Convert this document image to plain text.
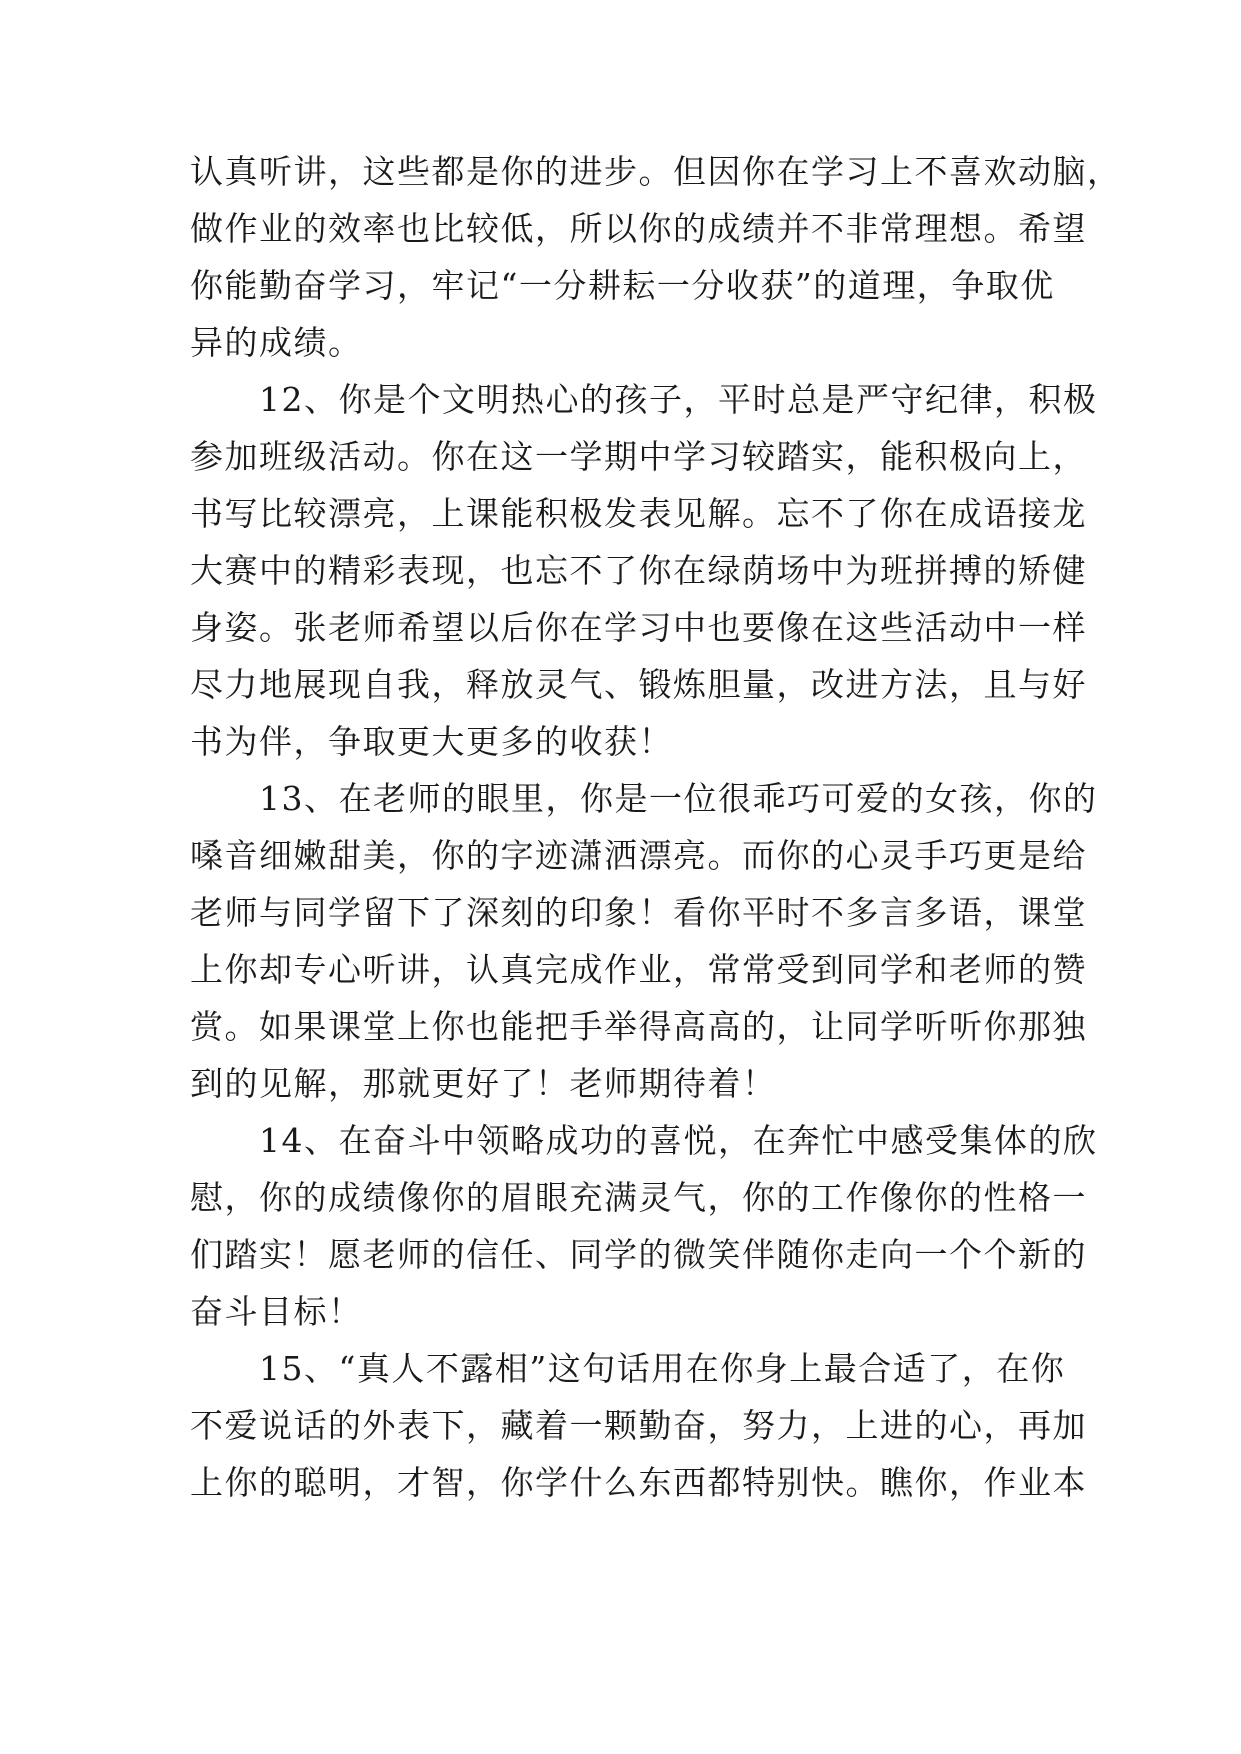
认真听讲，这些都是你的进步。但因你在学习上不喜欢动脑，
做作业的效率也比较低，所以你的成绩并不非常理想。希望
你能勤奋学习，牢记“一分耕耘一分收获”的道理，争取优
异的成绩。
　　12、你是个文明热心的孩子，平时总是严守纪律，积极
参加班级活动。你在这一学期中学习较踏实，能积极向上，
书写比较漂亮，上课能积极发表见解。忘不了你在成语接龙
大赛中的精彩表现，也忘不了你在绿荫场中为班拼搏的矫健
身姿。张老师希望以后你在学习中也要像在这些活动中一样
尽力地展现自我，释放灵气、锻炼胆量，改进方法，且与好
书为伴，争取更大更多的收获！
　　13、在老师的眼里，你是一位很乖巧可爱的女孩，你的
嗓音细嫩甜美，你的字迹潇洒漂亮。而你的心灵手巧更是给
老师与同学留下了深刻的印象！看你平时不多言多语，课堂
上你却专心听讲，认真完成作业，常常受到同学和老师的赞
赏。如果课堂上你也能把手举得高高的，让同学听听你那独
到的见解，那就更好了！老师期待着！
　　14、在奋斗中领略成功的喜悦，在奔忙中感受集体的欣
慰，你的成绩像你的眉眼充满灵气，你的工作像你的性格一
们踏实！愿老师的信任、同学的微笑伴随你走向一个个新的
奋斗目标！
　　15、“真人不露相”这句话用在你身上最合适了，在你
不爱说话的外表下，藏着一颗勤奋，努力，上进的心，再加
上你的聪明，才智，你学什么东西都特别快。瞧你，作业本
